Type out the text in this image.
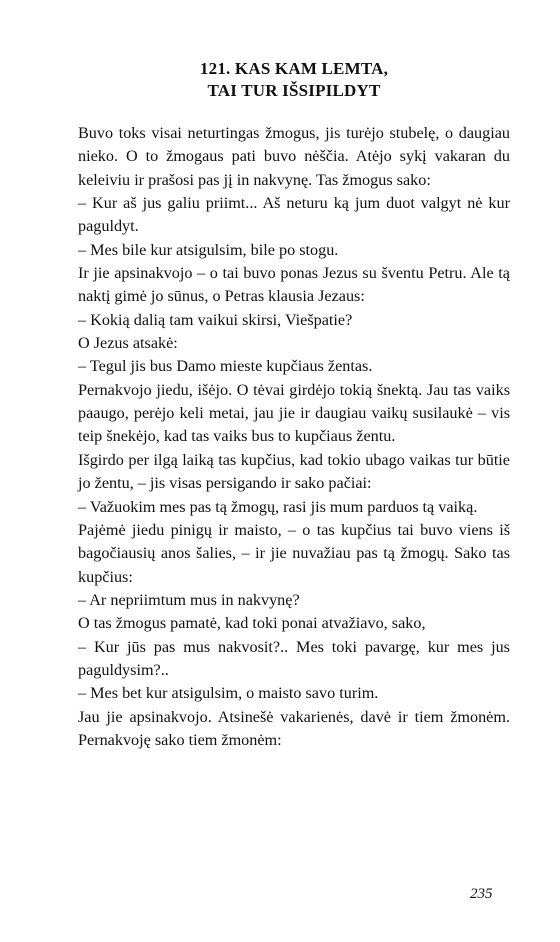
121. KAS KAM LEMTA,
TAI TUR IŠSIPILDYT

Buvo toks visai neturtingas žmogus, jis turėjo stubelę, o daugiau nieko. O to žmogaus pati buvo nėščia. Atėjo sykį vakaran du keleiviu ir prašosi pas jį in nakvynę. Tas žmogus sako:

– Kur aš jus galiu priimt... Aš neturu ką jum duot valgyt nė kur paguldyt.

– Mes bile kur atsigulsim, bile po stogu.

Ir jie apsinakvojo – o tai buvo ponas Jezus su šventu Petru. Ale tą naktį gimė jo sūnus, o Petras klausia Jezaus:

– Kokią dalią tam vaikui skirsi, Viešpatie?

O Jezus atsakė:

– Tegul jis bus Damo mieste kupčiaus žentas.

Pernakvojo jiedu, išėjo. O tėvai girdėjo tokią šnektą. Jau tas vaiks paaugo, perėjo keli metai, jau jie ir daugiau vaikų susilaukė – vis teip šnekėjo, kad tas vaiks bus to kupčiaus žentu.

Išgirdo per ilgą laiką tas kupčius, kad tokio ubago vaikas tur būtie jo žentu, – jis visas persigando ir sako pačiai:

– Važuokim mes pas tą žmogų, rasi jis mum parduos tą vaiką.

Pajėmė jiedu pinigų ir maisto, – o tas kupčius tai buvo viens iš bagočiausių anos šalies, – ir jie nuvažiau pas tą žmogų. Sako tas kupčius:

– Ar nepriimtum mus in nakvynę?

O tas žmogus pamatė, kad toki ponai atvažiavo, sako,

– Kur jūs pas mus nakvosit?.. Mes toki pavargę, kur mes jus paguldysim?..

– Mes bet kur atsigulsim, o maisto savo turim.

Jau jie apsinakvojo. Atsinešė vakarienės, davė ir tiem žmonėm. Pernakvoję sako tiem žmonėm:

235
